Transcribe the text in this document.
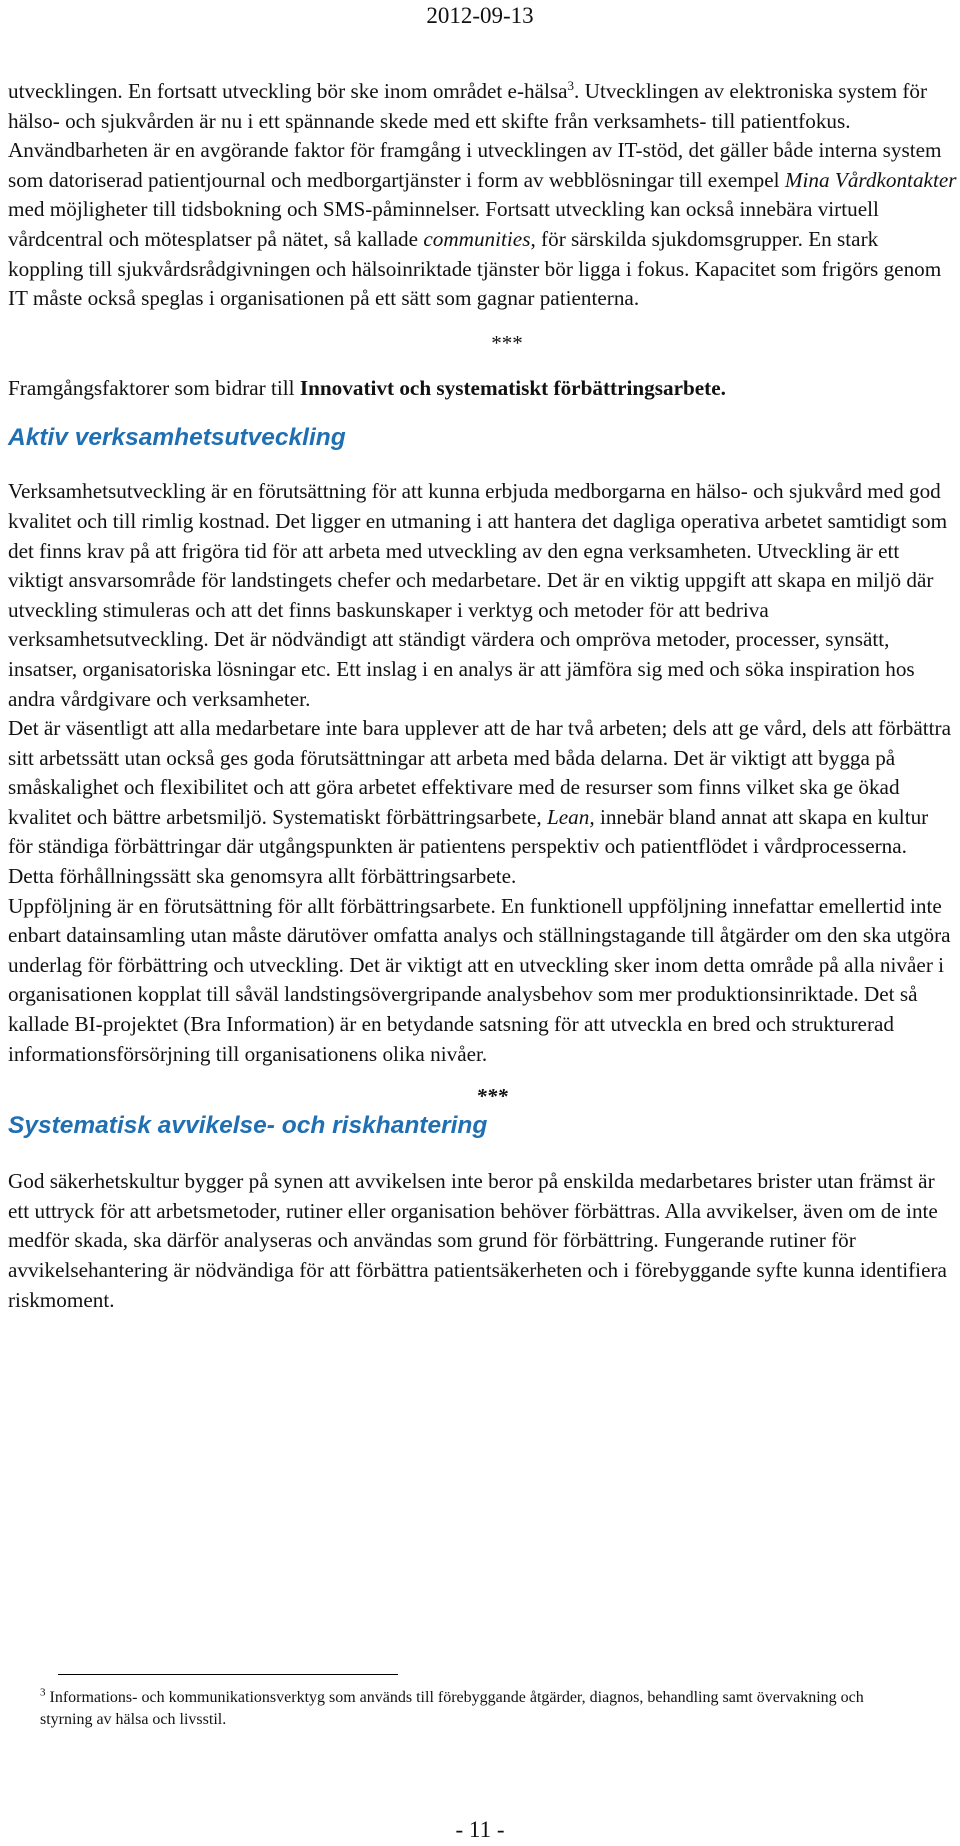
2012-09-13

utvecklingen. En fortsatt utveckling bör ske inom området e-hälsa$^3$. Utvecklingen av elektroniska system för hälso- och sjukvården är nu i ett spännande skede med ett skifte från verksamhets- till patientfokus. Användbarheten är en avgörande faktor för framgång i utvecklingen av IT-stöd, det gäller både interna system som datoriserad patientjournal och medborgartjänster i form av webblösningar till exempel Mina Vårdkontakter med möjligheter till tidsbokning och SMS-påminnelser. Fortsatt utveckling kan också innebära virtuell vårdcentral och mötesplatser på nätet, så kallade communities, för särskilda sjukdomsgrupper. En stark koppling till sjukvårdsrådgivningen och hälsoinriktade tjänster bör ligga i fokus. Kapacitet som frigörs genom IT måste också speglas i organisationen på ett sätt som gagnar patienterna.

***

Framgångsfaktorer som bidrar till Innovativt och systematiskt förbättringsarbete.

Aktiv verksamhetsutveckling

Verksamhetsutveckling är en förutsättning för att kunna erbjuda medborgarna en hälso- och sjukvård med god kvalitet och till rimlig kostnad. Det ligger en utmaning i att hantera det dagliga operativa arbetet samtidigt som det finns krav på att frigöra tid för att arbeta med utveckling av den egna verksamheten. Utveckling är ett viktigt ansvarsområde för landstingets chefer och medarbetare. Det är en viktig uppgift att skapa en miljö där utveckling stimuleras och att det finns baskunskaper i verktyg och metoder för att bedriva verksamhetsutveckling. Det är nödvändigt att ständigt värdera och ompröva metoder, processer, synsätt, insatser, organisatoriska lösningar etc. Ett inslag i en analys är att jämföra sig med och söka inspiration hos andra vårdgivare och verksamheter.

Det är väsentligt att alla medarbetare inte bara upplever att de har två arbeten; dels att ge vård, dels att förbättra sitt arbetssätt utan också ges goda förutsättningar att arbeta med båda delarna. Det är viktigt att bygga på småskalighet och flexibilitet och att göra arbetet effektivare med de resurser som finns vilket ska ge ökad kvalitet och bättre arbetsmiljö. Systematiskt förbättringsarbete, Lean, innebär bland annat att skapa en kultur för ständiga förbättringar där utgångspunkten är patientens perspektiv och patientflödet i vårdprocesserna. Detta förhållningssätt ska genomsyra allt förbättringsarbete.

Uppföljning är en förutsättning för allt förbättringsarbete. En funktionell uppföljning innefattar emellertid inte enbart datainsamling utan måste därutöver omfatta analys och ställningstagande till åtgärder om den ska utgöra underlag för förbättring och utveckling. Det är viktigt att en utveckling sker inom detta område på alla nivåer i organisationen kopplat till såväl landstingsövergripande analysbehov som mer produktionsinriktade. Det så kallade BI-projektet (Bra Information) är en betydande satsning för att utveckla en bred och strukturerad informationsförsörjning till organisationens olika nivåer.

***
Systematisk avvikelse- och riskhantering

God säkerhetskultur bygger på synen att avvikelsen inte beror på enskilda medarbetares brister utan främst är ett uttryck för att arbetsmetoder, rutiner eller organisation behöver förbättras. Alla avvikelser, även om de inte medför skada, ska därför analyseras och användas som grund för förbättring. Fungerande rutiner för avvikelsehantering är nödvändiga för att förbättra patientsäkerheten och i förebyggande syfte kunna identifiera riskmoment.

$^3$ Informations- och kommunikationsverktyg som används till förebyggande åtgärder, diagnos, behandling samt övervakning och styrning av hälsa och livsstil.
- 11 -
